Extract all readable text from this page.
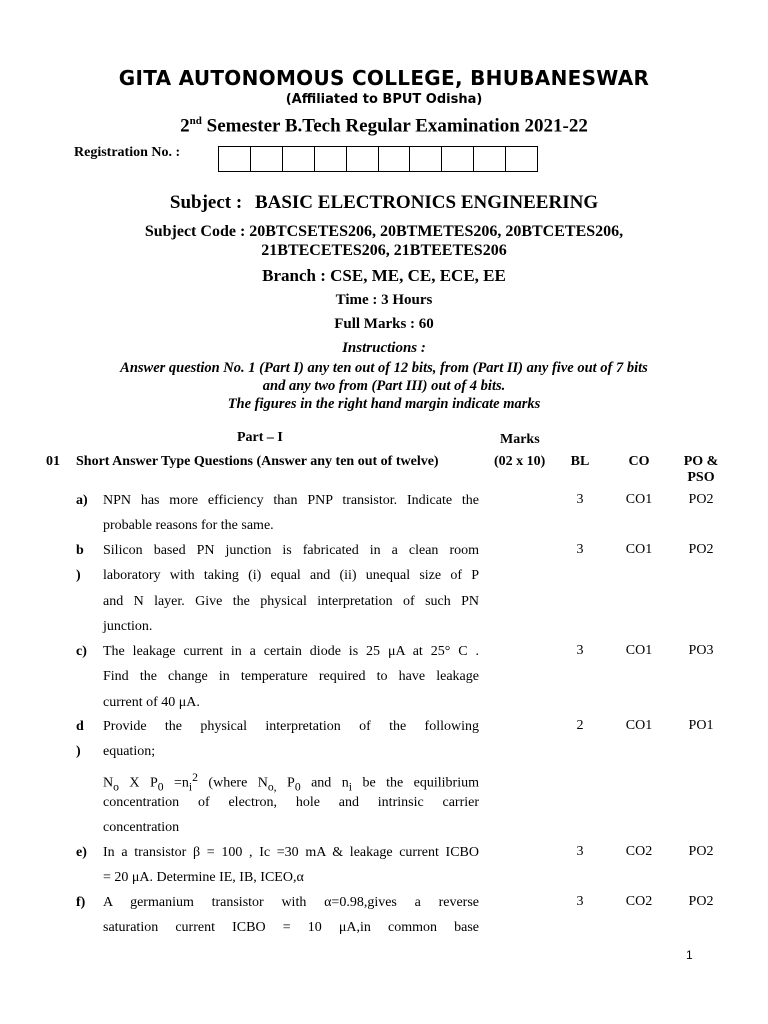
GITA AUTONOMOUS COLLEGE, BHUBANESWAR
(Affiliated to BPUT Odisha)
2nd Semester B.Tech Regular Examination 2021-22
Registration No. :
Subject : BASIC ELECTRONICS ENGINEERING
Subject Code : 20BTCSETES206, 20BTMETES206, 20BTCETES206,
21BTECETES206, 21BTEETES206
Branch : CSE, ME, CE, ECE, EE
Time : 3 Hours
Full Marks : 60
Instructions :
Answer question No. 1 (Part I) any ten out of 12 bits, from (Part II) any five out of 7 bits
and any two from (Part III) out of 4 bits.
The figures in the right hand margin indicate marks
Part – I	Marks
01 Short Answer Type Questions (Answer any ten out of twelve)	(02 x 10)	BL	CO	PO &
PSO
a) NPN has more efficiency than PNP transistor. Indicate the
probable reasons for the same.
3	CO1	PO2
b
)
Silicon based PN junction is fabricated in a clean room
laboratory with taking (i) equal and (ii) unequal size of P
and N layer. Give the physical interpretation of such PN
junction.
3	CO1	PO2
c) The leakage current in a certain diode is 25 μA at 25° C .
Find the change in temperature required to have leakage
current of 40 μA.
3	CO1	PO3
d
)
Provide the physical interpretation of the following
equation;
$N_o$ X $P_0 =n_i^2$ (where $N_{o,}$ $P_0$ and $n_i$ be the equilibrium
concentration of electron, hole and intrinsic carrier
concentration
2	CO1	PO1
e) In a transistor β = 100 , Ic =30 mA & leakage current ICBO
= 20 μA. Determine IE, IB, ICEO,α
3	CO2	PO2
f)	A germanium transistor with α=0.98,gives a reverse
saturation current ICBO = 10 μA,in common base
3	CO2	PO2
1
